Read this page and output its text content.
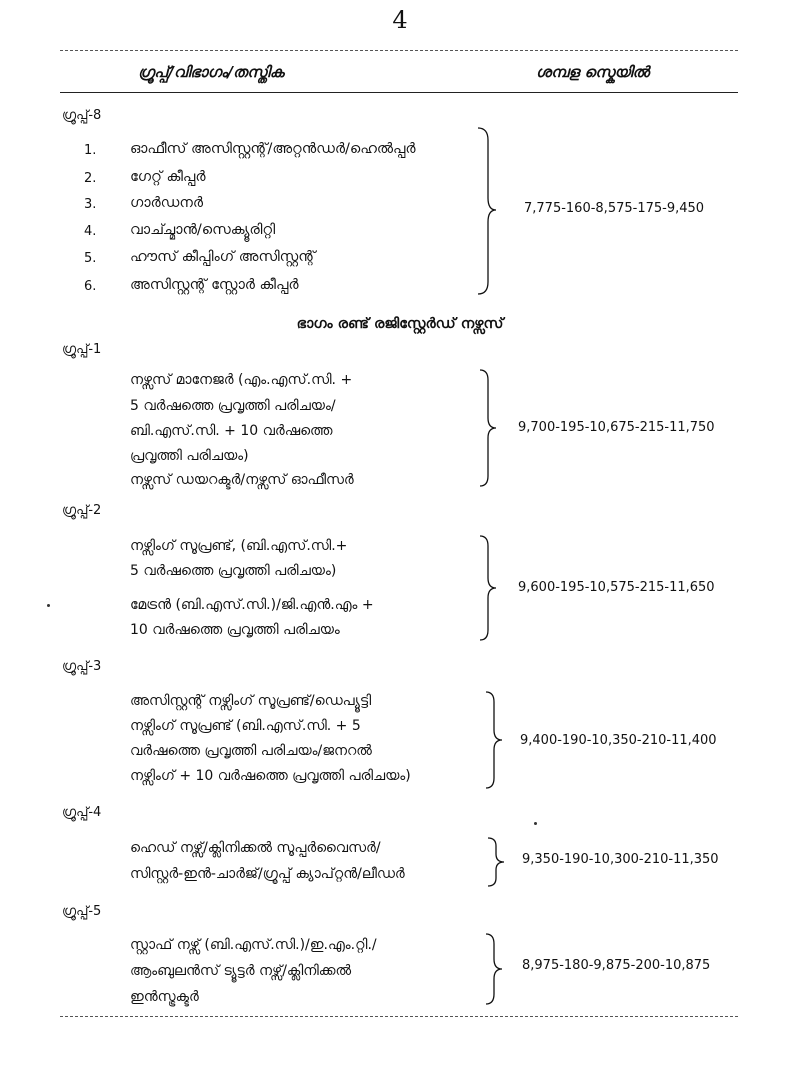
4
ഗ്രൂപ്പ്/വിഭാഗം/തസ്തിക	ശമ്പള സ്കെയിൽ
ഗ്രൂപ്പ്-8
1.	ഓഫീസ് അസിസ്റ്റന്റ്/അറ്റൻഡർ/ഹെൽപ്പർ
2.	ഗേറ്റ് കീപ്പർ
3.	ഗാർഡനർ
4.	വാച്ച്മാൻ/സെക്യൂരിറ്റി
5.	ഹൗസ് കീപ്പിംഗ് അസിസ്റ്റന്റ്
6.	അസിസ്റ്റന്റ് സ്റ്റോർ കീപ്പർ
7,775-160-8,575-175-9,450
ഭാഗം രണ്ട് രജിസ്റ്റേർഡ് നഴ്സസ്
ഗ്രൂപ്പ്-1
നഴ്സസ് മാനേജർ (എം.എസ്.സി. +
5 വർഷത്തെ പ്രവൃത്തി പരിചയം/
ബി.എസ്.സി. + 10 വർഷത്തെ
പ്രവൃത്തി പരിചയം)
നഴ്സസ് ഡയറക്ടർ/നഴ്സസ് ഓഫീസർ
9,700-195-10,675-215-11,750
ഗ്രൂപ്പ്-2
നഴ്സിംഗ് സൂപ്രണ്ട്, (ബി.എസ്.സി.+
5 വർഷത്തെ പ്രവൃത്തി പരിചയം)
മേട്രൻ (ബി.എസ്.സി.)/ജി.എൻ.എം +
10 വർഷത്തെ പ്രവൃത്തി പരിചയം
9,600-195-10,575-215-11,650
ഗ്രൂപ്പ്-3
അസിസ്റ്റന്റ് നഴ്സിംഗ് സൂപ്രണ്ട്/ഡെപ്യൂട്ടി
നഴ്സിംഗ് സൂപ്രണ്ട് (ബി.എസ്.സി. + 5
വർഷത്തെ പ്രവൃത്തി പരിചയം/ജനറൽ
നഴ്സിംഗ് + 10 വർഷത്തെ പ്രവൃത്തി പരിചയം)
9,400-190-10,350-210-11,400
ഗ്രൂപ്പ്-4
ഹെഡ് നഴ്സ്/ക്ലിനിക്കൽ സൂപ്പർവൈസർ/
സിസ്റ്റർ-ഇൻ-ചാർജ്/ഗ്രൂപ്പ് ക്യാപ്റ്റൻ/ലീഡർ
9,350-190-10,300-210-11,350
ഗ്രൂപ്പ്-5
സ്റ്റാഫ് നഴ്സ് (ബി.എസ്.സി.)/ഇ.എം.റ്റി./
ആംബുലൻസ് ട്യൂട്ടർ നഴ്സ്/ക്ലിനിക്കൽ
ഇൻസ്ട്രക്ടർ
8,975-180-9,875-200-10,875
